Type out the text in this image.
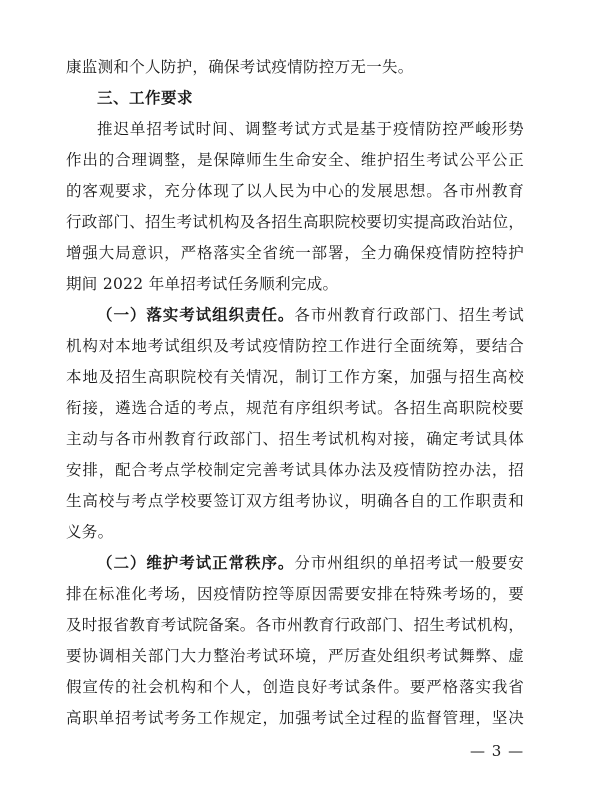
康监测和个人防护，确保考试疫情防控万无一失。
三、工作要求
推迟单招考试时间、调整考试方式是基于疫情防控严峻形势
作出的合理调整，是保障师生生命安全、维护招生考试公平公正
的客观要求，充分体现了以人民为中心的发展思想。各市州教育
行政部门、招生考试机构及各招生高职院校要切实提高政治站位，
增强大局意识，严格落实全省统一部署，全力确保疫情防控特护
期间 2022 年单招考试任务顺利完成。
（一）落实考试组织责任。各市州教育行政部门、招生考试
机构对本地考试组织及考试疫情防控工作进行全面统筹，要结合
本地及招生高职院校有关情况，制订工作方案，加强与招生高校
衔接，遴选合适的考点，规范有序组织考试。各招生高职院校要
主动与各市州教育行政部门、招生考试机构对接，确定考试具体
安排，配合考点学校制定完善考试具体办法及疫情防控办法，招
生高校与考点学校要签订双方组考协议，明确各自的工作职责和
义务。
（二）维护考试正常秩序。分市州组织的单招考试一般要安
排在标准化考场，因疫情防控等原因需要安排在特殊考场的，要
及时报省教育考试院备案。各市州教育行政部门、招生考试机构，
要协调相关部门大力整治考试环境，严厉查处组织考试舞弊、虚
假宣传的社会机构和个人，创造良好考试条件。要严格落实我省
高职单招考试考务工作规定，加强考试全过程的监督管理，坚决
— 3 —
